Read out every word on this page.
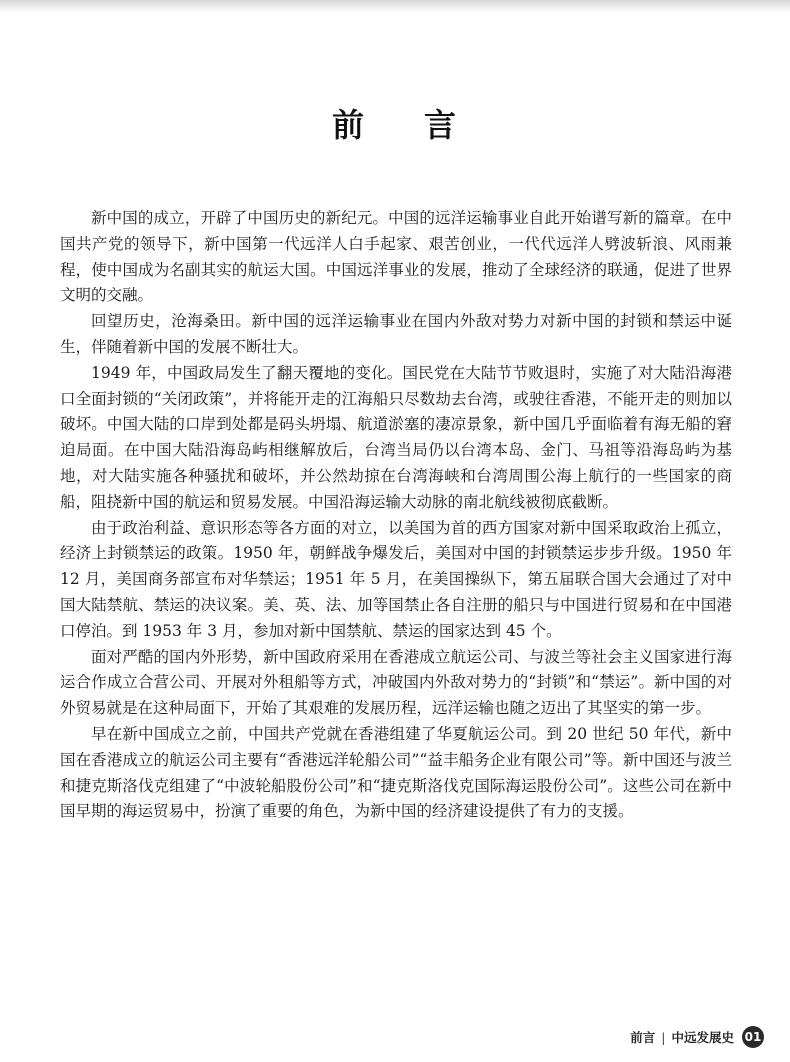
前 言

新中国的成立，开辟了中国历史的新纪元。中国的远洋运输事业自此开始谱写新的篇章。在中国共产党的领导下，新中国第一代远洋人白手起家、艰苦创业，一代代远洋人劈波斩浪、风雨兼程，使中国成为名副其实的航运大国。中国远洋事业的发展，推动了全球经济的联通，促进了世界文明的交融。

回望历史，沧海桑田。新中国的远洋运输事业在国内外敌对势力对新中国的封锁和禁运中诞生，伴随着新中国的发展不断壮大。

1949 年，中国政局发生了翻天覆地的变化。国民党在大陆节节败退时，实施了对大陆沿海港口全面封锁的“关闭政策”，并将能开走的江海船只尽数劫去台湾，或驶往香港，不能开走的则加以破坏。中国大陆的口岸到处都是码头坍塌、航道淤塞的凄凉景象，新中国几乎面临着有海无船的窘迫局面。在中国大陆沿海岛屿相继解放后，台湾当局仍以台湾本岛、金门、马祖等沿海岛屿为基地，对大陆实施各种骚扰和破坏，并公然劫掠在台湾海峡和台湾周围公海上航行的一些国家的商船，阻挠新中国的航运和贸易发展。中国沿海运输大动脉的南北航线被彻底截断。

由于政治利益、意识形态等各方面的对立，以美国为首的西方国家对新中国采取政治上孤立，经济上封锁禁运的政策。1950 年，朝鲜战争爆发后，美国对中国的封锁禁运步步升级。1950 年 12 月，美国商务部宣布对华禁运；1951 年 5 月，在美国操纵下，第五届联合国大会通过了对中国大陆禁航、禁运的决议案。美、英、法、加等国禁止各自注册的船只与中国进行贸易和在中国港口停泊。到 1953 年 3 月，参加对新中国禁航、禁运的国家达到 45 个。

面对严酷的国内外形势，新中国政府采用在香港成立航运公司、与波兰等社会主义国家进行海运合作成立合营公司、开展对外租船等方式，冲破国内外敌对势力的“封锁”和“禁运”。新中国的对外贸易就是在这种局面下，开始了其艰难的发展历程，远洋运输也随之迈出了其坚实的第一步。

早在新中国成立之前，中国共产党就在香港组建了华夏航运公司。到 20 世纪 50 年代，新中国在香港成立的航运公司主要有“香港远洋轮船公司”“益丰船务企业有限公司”等。新中国还与波兰和捷克斯洛伐克组建了“中波轮船股份公司”和“捷克斯洛伐克国际海运股份公司”。这些公司在新中国早期的海运贸易中，扮演了重要的角色，为新中国的经济建设提供了有力的支援。

前言 | 中远发展史 01
